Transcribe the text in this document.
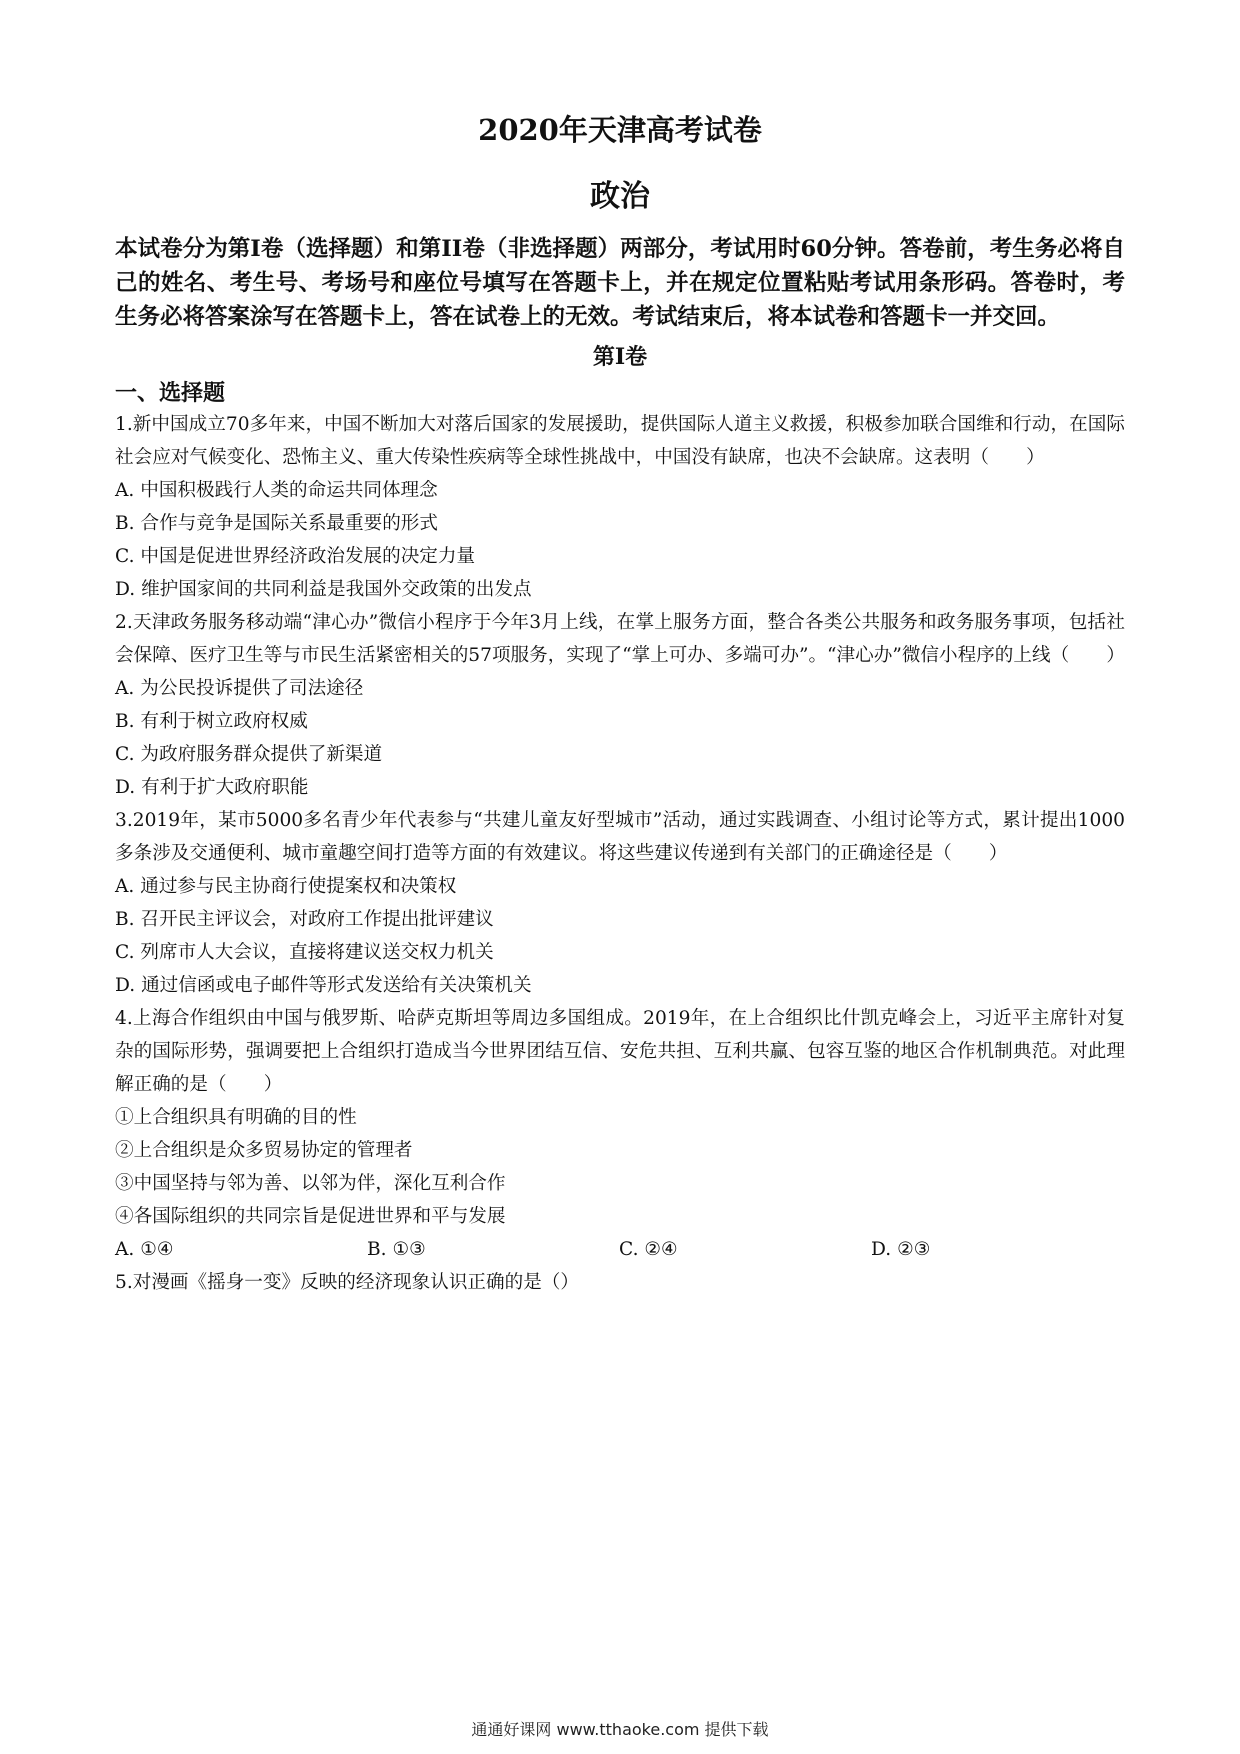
2020年天津高考试卷
政治

本试卷分为第I卷（选择题）和第II卷（非选择题）两部分，考试用时60分钟。答卷前，考生务必将自己的姓名、考生号、考场号和座位号填写在答题卡上，并在规定位置粘贴考试用条形码。答卷时，考生务必将答案涂写在答题卡上，答在试卷上的无效。考试结束后，将本试卷和答题卡一并交回。

第I卷
一、选择题

1.新中国成立70多年来，中国不断加大对落后国家的发展援助，提供国际人道主义救援，积极参加联合国维和行动，在国际社会应对气候变化、恐怖主义、重大传染性疾病等全球性挑战中，中国没有缺席，也决不会缺席。这表明（　　）

A. 中国积极践行人类的命运共同体理念

B. 合作与竞争是国际关系最重要的形式

C. 中国是促进世界经济政治发展的决定力量

D. 维护国家间的共同利益是我国外交政策的出发点

2.天津政务服务移动端“津心办”微信小程序于今年3月上线，在掌上服务方面，整合各类公共服务和政务服务事项，包括社会保障、医疗卫生等与市民生活紧密相关的57项服务，实现了“掌上可办、多端可办”。“津心办”微信小程序的上线（　　）

A. 为公民投诉提供了司法途径

B. 有利于树立政府权威

C. 为政府服务群众提供了新渠道

D. 有利于扩大政府职能

3.2019年，某市5000多名青少年代表参与“共建儿童友好型城市”活动，通过实践调查、小组讨论等方式，累计提出1000多条涉及交通便利、城市童趣空间打造等方面的有效建议。将这些建议传递到有关部门的正确途径是（　　）

A. 通过参与民主协商行使提案权和决策权

B. 召开民主评议会，对政府工作提出批评建议

C. 列席市人大会议，直接将建议送交权力机关

D. 通过信函或电子邮件等形式发送给有关决策机关

4.上海合作组织由中国与俄罗斯、哈萨克斯坦等周边多国组成。2019年，在上合组织比什凯克峰会上，习近平主席针对复杂的国际形势，强调要把上合组织打造成当今世界团结互信、安危共担、互利共赢、包容互鉴的地区合作机制典范。对此理解正确的是（　　）

①上合组织具有明确的目的性

②上合组织是众多贸易协定的管理者

③中国坚持与邻为善、以邻为伴，深化互利合作

④各国际组织的共同宗旨是促进世界和平与发展

A. ①④	B. ①③	C. ②④	D. ②③

5.对漫画《摇身一变》反映的经济现象认识正确的是（）

通通好课网 www.tthaoke.com 提供下载
